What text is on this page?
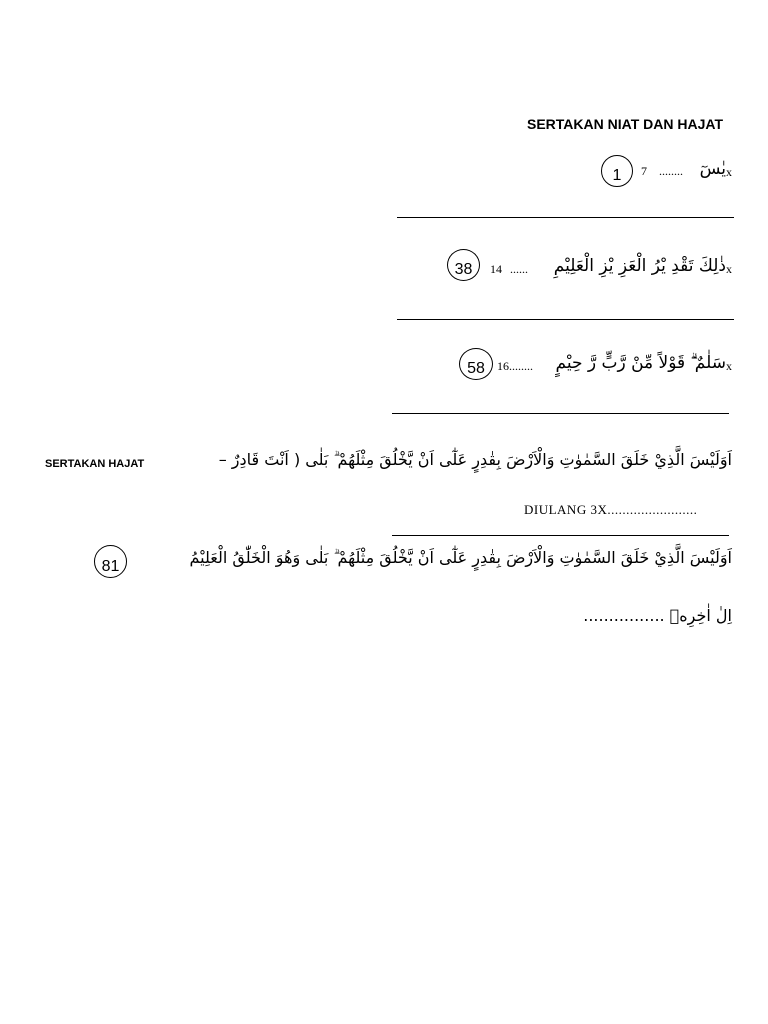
SERTAKAN NIAT DAN HAJAT
1 7 ........ يٰسٓ x
38 14 ...... ذٰلِكَ تَقْدِ يْرُ الْعَزِ يْزِ الْعَلِيْمِ x
58 16........ سَلٰمٌ ۗ قَوْلاً مِّنْ رَّبٍّ رَّ حِيْمٍ x
SERTAKAN HAJAT	اَوَلَيْسَ الَّذِيْ خَلَقَ السَّمٰوٰتِ وَالْاَرْضَ بِقٰدِرٍ عَلٰٓى اَنْ يَّخْلُقَ مِثْلَهُمْ ۗ بَلٰى ( اَنْتَ قَادِرٌ –
DIULANG 3X........................
81	اَوَلَيْسَ الَّذِيْ خَلَقَ السَّمٰوٰتِ وَالْاَرْضَ بِقٰدِرٍ عَلٰٓى اَنْ يَّخْلُقَ مِثْلَهُمْ ۗ بَلٰى وَهُوَ الْخَلّٰقُ الْعَلِيْمُ
اِلٰ اٰخِرِهٖ ................
